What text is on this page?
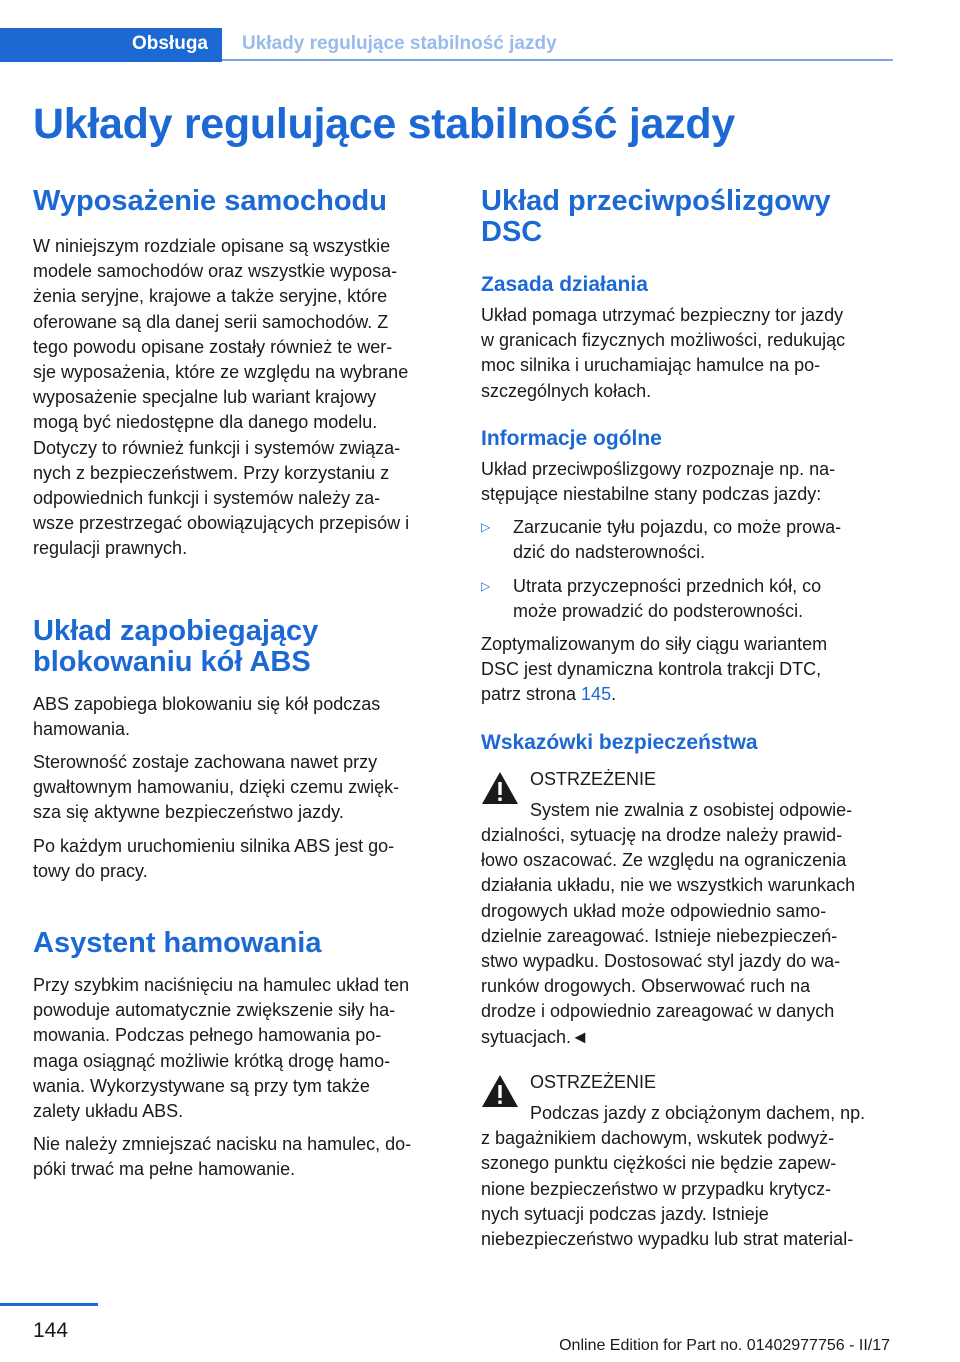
Obsługa	Układy regulujące stabilność jazdy
Układy regulujące stabilność jazdy
Wyposażenie samochodu
W niniejszym rozdziale opisane są wszystkie
modele samochodów oraz wszystkie wyposa‐
żenia seryjne, krajowe a także seryjne, które
oferowane są dla danej serii samochodów. Z
tego powodu opisane zostały również te wer‐
sje wyposażenia, które ze względu na wybrane
wyposażenie specjalne lub wariant krajowy
mogą być niedostępne dla danego modelu.
Dotyczy to również funkcji i systemów związa‐
nych z bezpieczeństwem. Przy korzystaniu z
odpowiednich funkcji i systemów należy za‐
wsze przestrzegać obowiązujących przepisów i
regulacji prawnych.
Układ zapobiegający
blokowaniu kół ABS
ABS zapobiega blokowaniu się kół podczas
hamowania.
Sterowność zostaje zachowana nawet przy
gwałtownym hamowaniu, dzięki czemu zwięk‐
sza się aktywne bezpieczeństwo jazdy.
Po każdym uruchomieniu silnika ABS jest go‐
towy do pracy.
Asystent hamowania
Przy szybkim naciśnięciu na hamulec układ ten
powoduje automatycznie zwiększenie siły ha‐
mowania. Podczas pełnego hamowania po‐
maga osiągnąć możliwie krótką drogę hamo‐
wania. Wykorzystywane są przy tym także
zalety układu ABS.
Nie należy zmniejszać nacisku na hamulec, do‐
póki trwać ma pełne hamowanie.
Układ przeciwpoślizgowy
DSC
Zasada działania
Układ pomaga utrzymać bezpieczny tor jazdy
w granicach fizycznych możliwości, redukując
moc silnika i uruchamiając hamulce na po‐
szczególnych kołach.
Informacje ogólne
Układ przeciwpoślizgowy rozpoznaje np. na‐
stępujące niestabilne stany podczas jazdy:
▷ Zarzucanie tyłu pojazdu, co może prowa‐
dzić do nadsterowności.
▷ Utrata przyczepności przednich kół, co
może prowadzić do podsterowności.
Zoptymalizowanym do siły ciągu wariantem
DSC jest dynamiczna kontrola trakcji DTC,
patrz strona 145.
Wskazówki bezpieczeństwa
OSTRZEŻENIE
System nie zwalnia z osobistej odpowie‐
dzialności, sytuację na drodze należy prawid‐
łowo oszacować. Ze względu na ograniczenia
działania układu, nie we wszystkich warunkach
drogowych układ może odpowiednio samo‐
dzielnie zareagować. Istnieje niebezpieczeń‐
stwo wypadku. Dostosować styl jazdy do wa‐
runków drogowych. Obserwować ruch na
drodze i odpowiednio zareagować w danych
sytuacjach.◄
OSTRZEŻENIE
Podczas jazdy z obciążonym dachem, np.
z bagażnikiem dachowym, wskutek podwyż‐
szonego punktu ciężkości nie będzie zapew‐
nione bezpieczeństwo w przypadku krytycz‐
nych sytuacji podczas jazdy. Istnieje
niebezpieczeństwo wypadku lub strat material‐
144
Online Edition for Part no. 01402977756 - II/17
